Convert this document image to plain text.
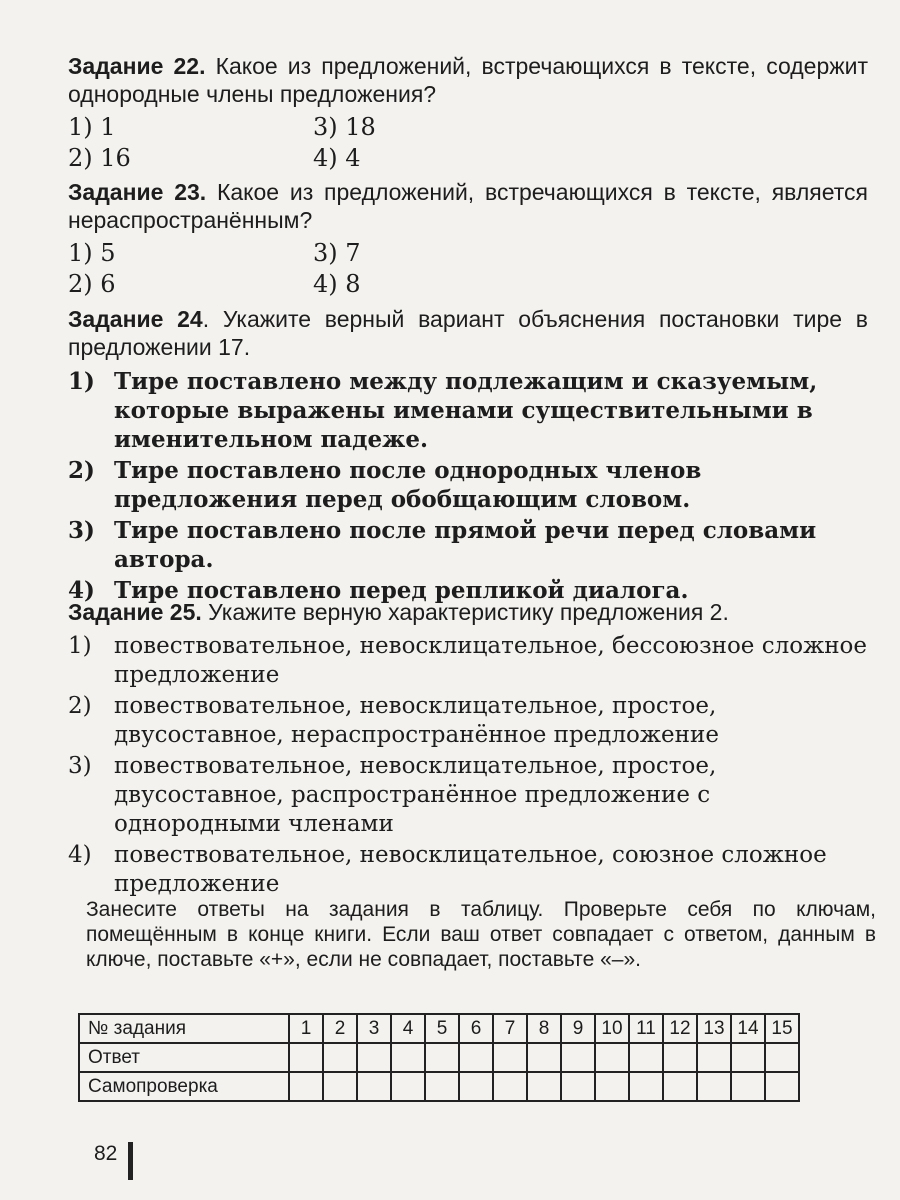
Задание 22. Какое из предложений, встречающихся в тексте, содержит однородные члены предложения?

1) 1	3) 18
2) 16	4) 4

Задание 23. Какое из предложений, встречающихся в тексте, является нераспространённым?

1) 5	3) 7
2) 6	4) 8

Задание 24. Укажите верный вариант объяснения постановки тире в предложении 17.

1) Тире поставлено между подлежащим и сказуемым, которые выражены именами существительными в именительном падеже.
2) Тире поставлено после однородных членов предложения перед обобщающим словом.
3) Тире поставлено после прямой речи перед словами автора.
4) Тире поставлено перед репликой диалога.

Задание 25. Укажите верную характеристику предложения 2.

1) повествовательное, невосклицательное, бессоюзное сложное предложение
2) повествовательное, невосклицательное, простое, двусоставное, нераспространённое предложение
3) повествовательное, невосклицательное, простое, двусоставное, распространённое предложение с однородными членами
4) повествовательное, невосклицательное, союзное сложное предложение

Занесите ответы на задания в таблицу. Проверьте себя по ключам, помещённым в конце книги. Если ваш ответ совпадает с ответом, данным в ключе, поставьте «+», если не совпадает, поставьте «–».

№ задания	1	2	3	4	5	6	7	8	9	10	11	12	13	14	15
Ответ															
Самопроверка															
82
